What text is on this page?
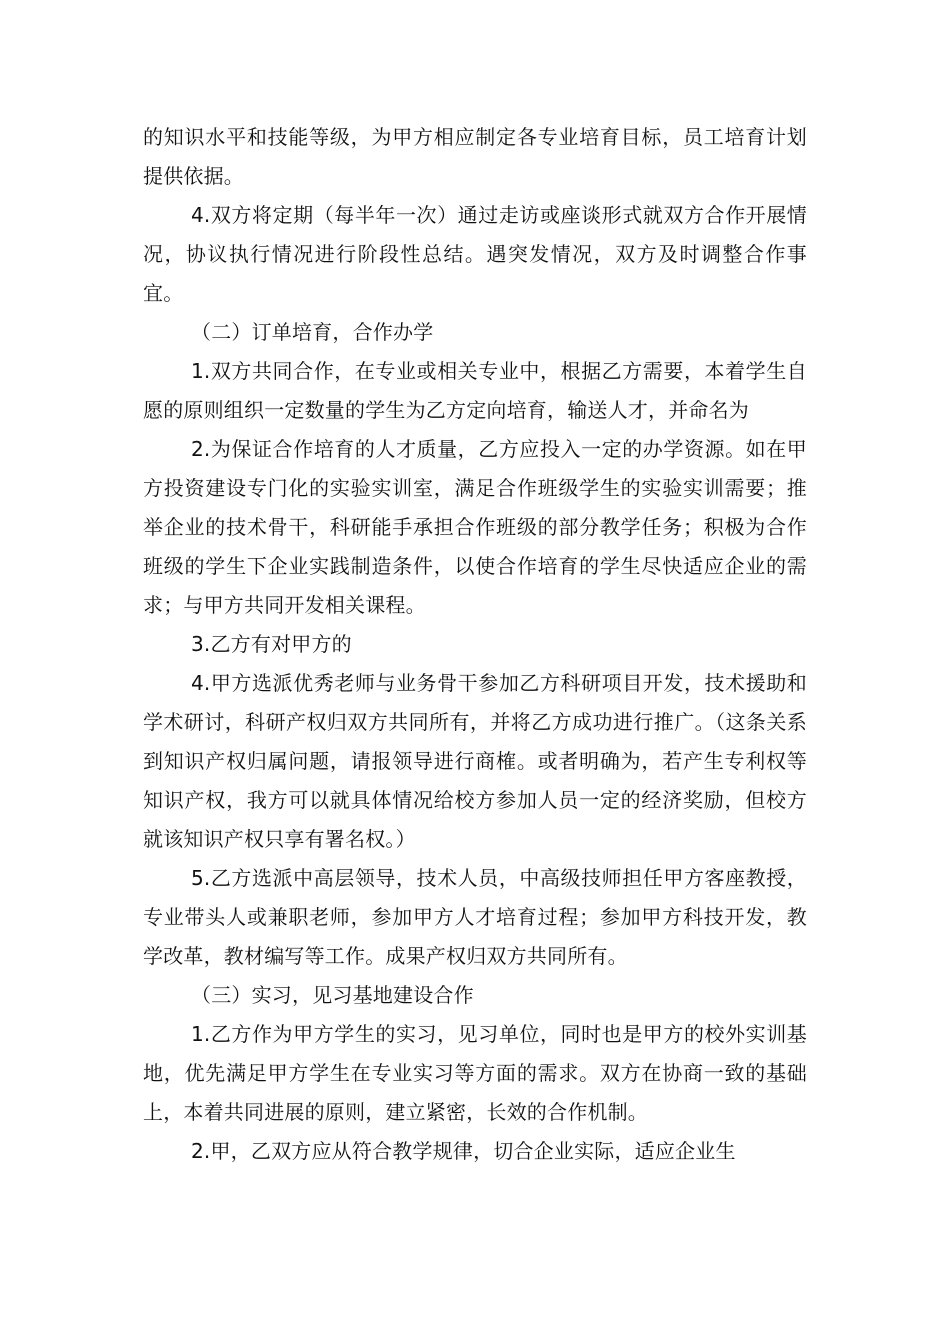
的知识水平和技能等级，为甲方相应制定各专业培育目标，员工培育计划提供依据。

4.双方将定期（每半年一次）通过走访或座谈形式就双方合作开展情况，协议执行情况进行阶段性总结。遇突发情况，双方及时调整合作事宜。

（二）订单培育，合作办学

1.双方共同合作，在专业或相关专业中，根据乙方需要，本着学生自愿的原则组织一定数量的学生为乙方定向培育，输送人才，并命名为

2.为保证合作培育的人才质量，乙方应投入一定的办学资源。如在甲方投资建设专门化的实验实训室，满足合作班级学生的实验实训需要；推举企业的技术骨干，科研能手承担合作班级的部分教学任务；积极为合作班级的学生下企业实践制造条件，以使合作培育的学生尽快适应企业的需求；与甲方共同开发相关课程。

3.乙方有对甲方的

4.甲方选派优秀老师与业务骨干参加乙方科研项目开发，技术援助和学术研讨，科研产权归双方共同所有，并将乙方成功进行推广。（这条关系到知识产权归属问题，请报领导进行商榷。或者明确为，若产生专利权等知识产权，我方可以就具体情况给校方参加人员一定的经济奖励，但校方就该知识产权只享有署名权。）

5.乙方选派中高层领导，技术人员，中高级技师担任甲方客座教授，专业带头人或兼职老师，参加甲方人才培育过程；参加甲方科技开发，教学改革，教材编写等工作。成果产权归双方共同所有。

（三）实习，见习基地建设合作

1.乙方作为甲方学生的实习，见习单位，同时也是甲方的校外实训基地，优先满足甲方学生在专业实习等方面的需求。双方在协商一致的基础上，本着共同进展的原则，建立紧密，长效的合作机制。

2.甲，乙双方应从符合教学规律，切合企业实际，适应企业生
